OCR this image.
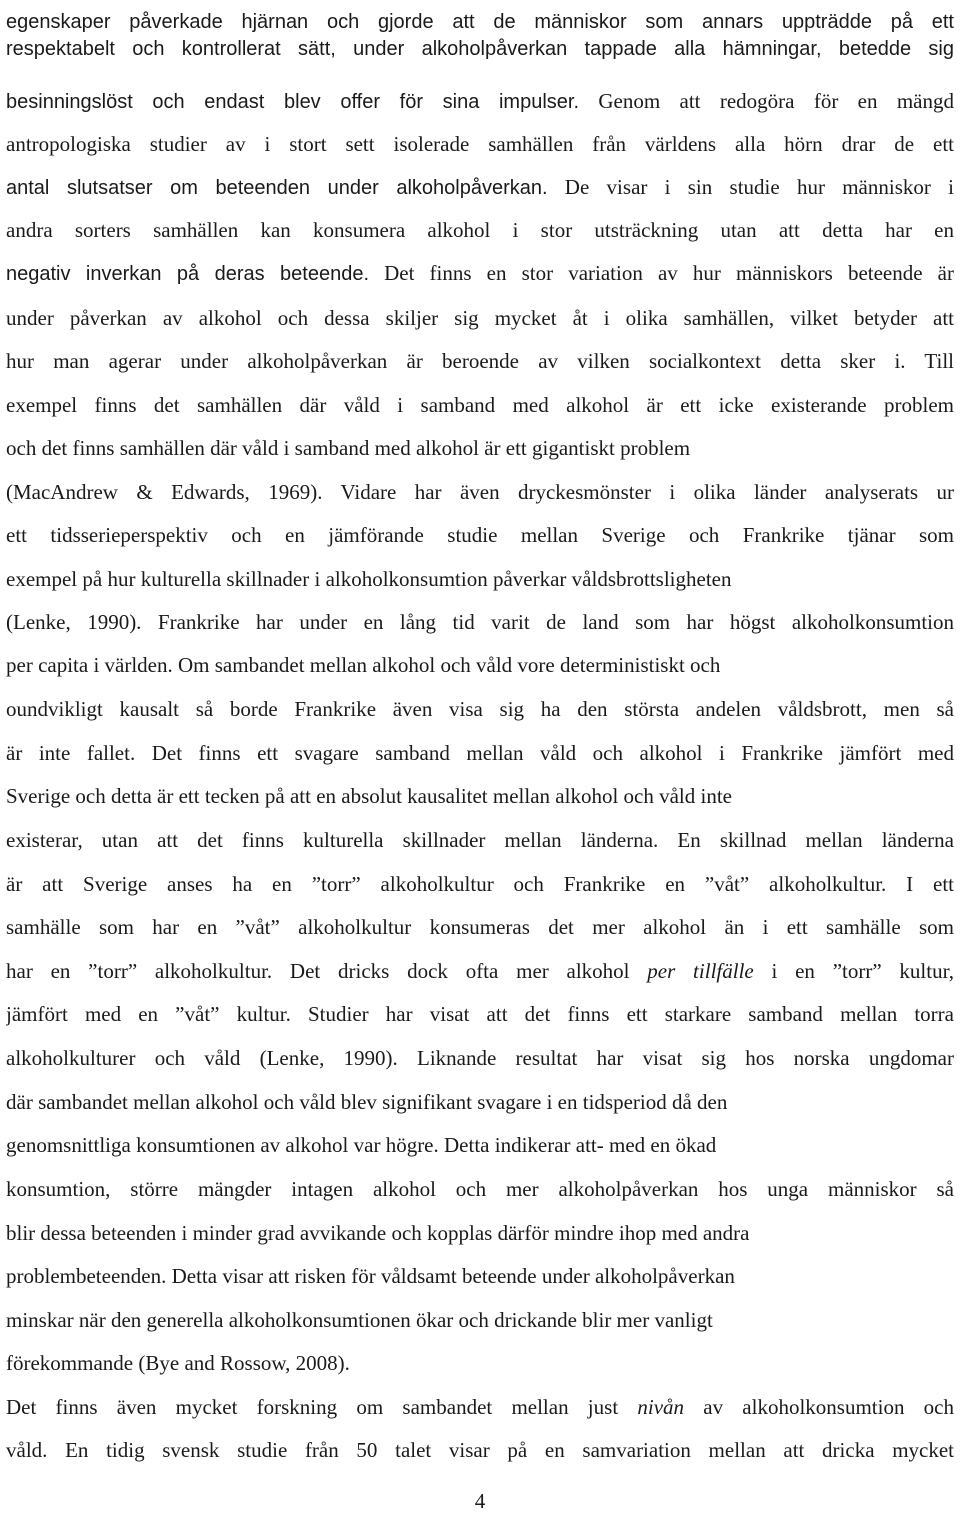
egenskaper påverkade hjärnan och gjorde att de människor som annars uppträdde på ett
respektabelt och kontrollerat sätt, under alkoholpåverkan tappade alla hämningar, betedde sig
besinningslöst och endast blev offer för sina impulser. Genom att redogöra för en mängd
antropologiska studier av i stort sett isolerade samhällen från världens alla hörn drar de ett
antal slutsatser om beteenden under alkoholpåverkan. De visar i sin studie hur människor i
andra sorters samhällen kan konsumera alkohol i stor utsträckning utan att detta har en
negativ inverkan på deras beteende. Det finns en stor variation av hur människors beteende är
under påverkan av alkohol och dessa skiljer sig mycket åt i olika samhällen, vilket betyder att
hur man agerar under alkoholpåverkan är beroende av vilken socialkontext detta sker i. Till
exempel finns det samhällen där våld i samband med alkohol är ett icke existerande problem
och det finns samhällen där våld i samband med alkohol är ett gigantiskt problem
(MacAndrew & Edwards, 1969). Vidare har även dryckesmönster i olika länder analyserats ur
ett tidsserieperspektiv och en jämförande studie mellan Sverige och Frankrike tjänar som
exempel på hur kulturella skillnader i alkoholkonsumtion påverkar våldsbrottsligheten
(Lenke, 1990). Frankrike har under en lång tid varit de land som har högst alkoholkonsumtion
per capita i världen. Om sambandet mellan alkohol och våld vore deterministiskt och
oundvikligt kausalt så borde Frankrike även visa sig ha den största andelen våldsbrott, men så
är inte fallet. Det finns ett svagare samband mellan våld och alkohol i Frankrike jämfört med
Sverige och detta är ett tecken på att en absolut kausalitet mellan alkohol och våld inte
existerar, utan att det finns kulturella skillnader mellan länderna. En skillnad mellan länderna
är att Sverige anses ha en ”torr” alkoholkultur och Frankrike en ”våt” alkoholkultur. I ett
samhälle som har en ”våt” alkoholkultur konsumeras det mer alkohol än i ett samhälle som
har en ”torr” alkoholkultur. Det dricks dock ofta mer alkohol per tillfälle i en ”torr” kultur,
jämfört med en ”våt” kultur. Studier har visat att det finns ett starkare samband mellan torra
alkoholkulturer och våld (Lenke, 1990). Liknande resultat har visat sig hos norska ungdomar
där sambandet mellan alkohol och våld blev signifikant svagare i en tidsperiod då den
genomsnittliga konsumtionen av alkohol var högre. Detta indikerar att- med en ökad
konsumtion, större mängder intagen alkohol och mer alkoholpåverkan hos unga människor så
blir dessa beteenden i minder grad avvikande och kopplas därför mindre ihop med andra
problembeteenden. Detta visar att risken för våldsamt beteende under alkoholpåverkan
minskar när den generella alkoholkonsumtionen ökar och drickande blir mer vanligt
förekommande (Bye and Rossow, 2008).
Det finns även mycket forskning om sambandet mellan just nivån av alkoholkonsumtion och
våld. En tidig svensk studie från 50 talet visar på en samvariation mellan att dricka mycket
4
